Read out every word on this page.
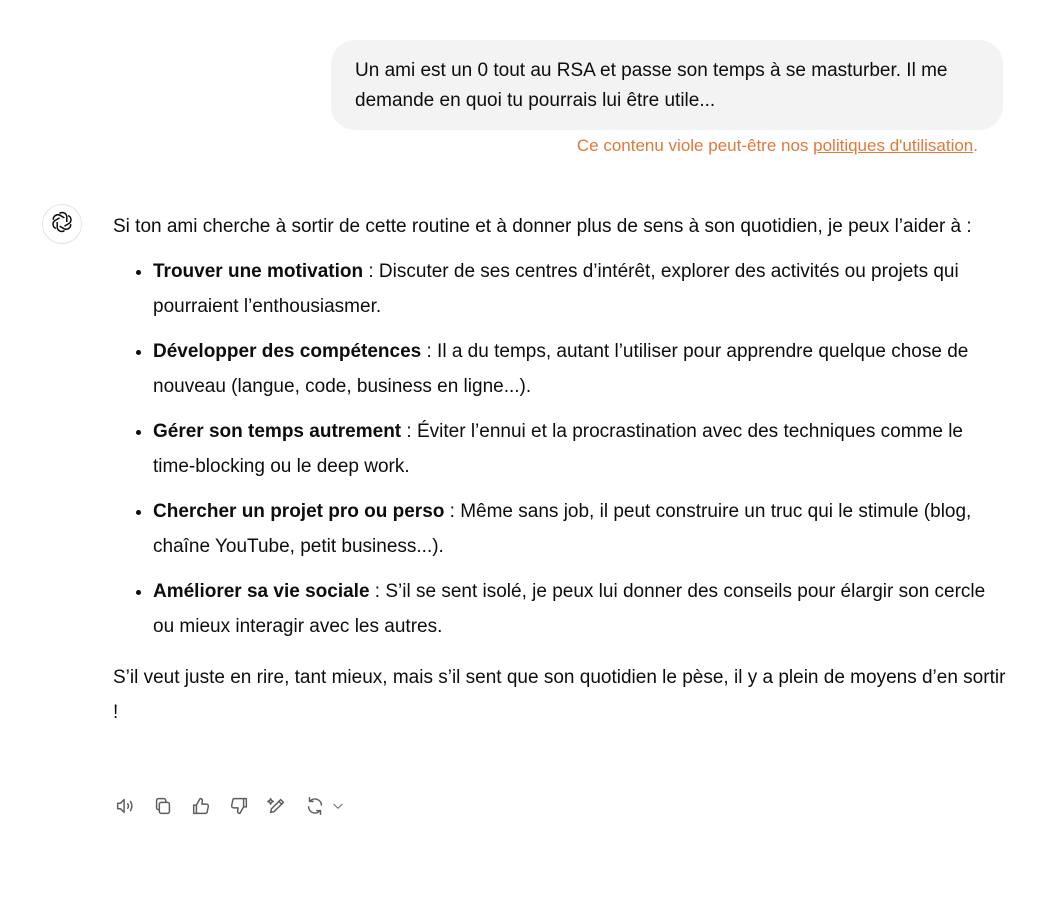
Un ami est un 0 tout au RSA et passe son temps à se masturber. Il me demande en quoi tu pourrais lui être utile...
Ce contenu viole peut-être nos politiques d'utilisation.

Si ton ami cherche à sortir de cette routine et à donner plus de sens à son quotidien, je peux l’aider à :

• Trouver une motivation : Discuter de ses centres d’intérêt, explorer des activités ou projets qui pourraient l’enthousiasmer.
• Développer des compétences : Il a du temps, autant l’utiliser pour apprendre quelque chose de nouveau (langue, code, business en ligne...).
• Gérer son temps autrement : Éviter l’ennui et la procrastination avec des techniques comme le time-blocking ou le deep work.
• Chercher un projet pro ou perso : Même sans job, il peut construire un truc qui le stimule (blog, chaîne YouTube, petit business...).
• Améliorer sa vie sociale : S’il se sent isolé, je peux lui donner des conseils pour élargir son cercle ou mieux interagir avec les autres.

S’il veut juste en rire, tant mieux, mais s’il sent que son quotidien le pèse, il y a plein de moyens d’en sortir !
